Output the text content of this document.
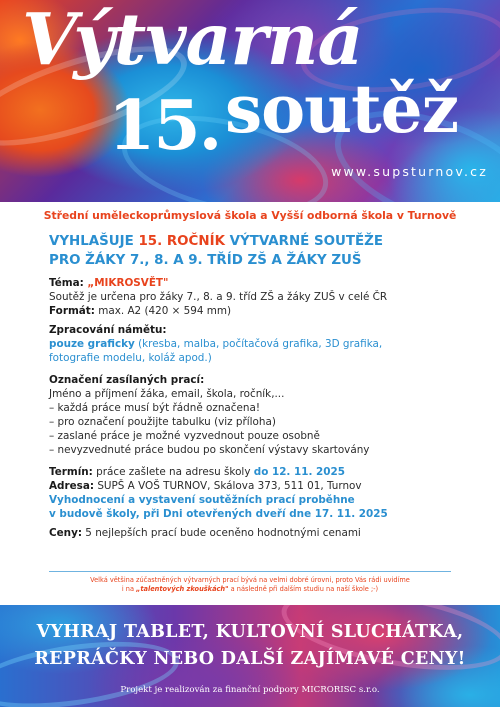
Výtvarná
15. soutěž
www.supsturnov.cz
Střední uměleckoprůmyslová škola a Vyšší odborná škola v Turnově
VYHLAŠUJE 15. ROČNÍK VÝTVARNÉ SOUTĚŽE
PRO ŽÁKY 7., 8. A 9. TŘÍD ZŠ A ŽÁKY ZUŠ

Téma: „MIKROSVĚT"

Soutěž je určena pro žáky 7., 8. a 9. tříd ZŠ a žáky ZUŠ v celé ČR

Formát: max. A2 (420 × 594 mm)

Zpracování námětu:

pouze graficky (kresba, malba, počítačová grafika, 3D grafika,

fotografie modelu, koláž apod.)

Označení zasílaných prací:

Jméno a příjmení žáka, email, škola, ročník,...

– každá práce musí být řádně označena!

– pro označení použijte tabulku (viz příloha)

– zaslané práce je možné vyzvednout pouze osobně

– nevyzvednuté práce budou po skončení výstavy skartovány

Termín: práce zašlete na adresu školy do 12. 11. 2025

Adresa: SUPŠ A VOŠ TURNOV, Skálova 373, 511 01, Turnov

Vyhodnocení a vystavení soutěžních prací proběhne

v budově školy, při Dni otevřených dveří dne 17. 11. 2025

Ceny: 5 nejlepších prací bude oceněno hodnotnými cenami

Velká většina zúčastněných výtvarných prací bývá na velmi dobré úrovni, proto Vás rádi uvidíme
i na „talentových zkouškách" a následně při dalším studiu na naší škole ;-)
VYHRAJ TABLET, KULTOVNÍ SLUCHÁTKA,
REPRÁČKY NEBO DALŠÍ ZAJÍMAVÉ CENY!
Projekt je realizován za finanční podpory MICRORISC s.r.o.
